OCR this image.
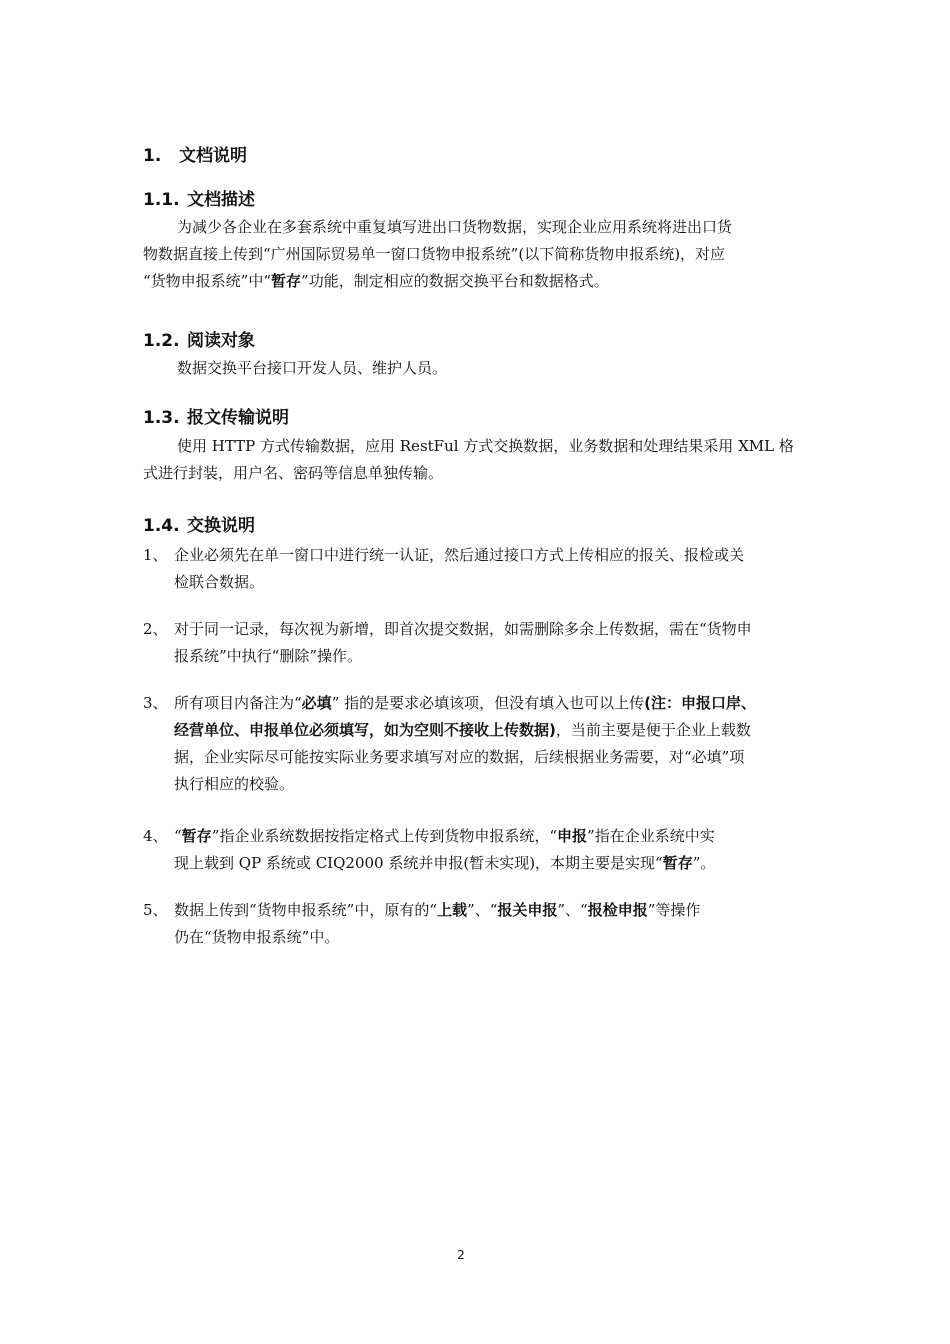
1. 文档说明
1.1. 文档描述
为减少各企业在多套系统中重复填写进出口货物数据，实现企业应用系统将进出口货
物数据直接上传到“广州国际贸易单一窗口货物申报系统”(以下简称货物申报系统)，对应
“货物申报系统”中“暂存”功能，制定相应的数据交换平台和数据格式。
1.2. 阅读对象
数据交换平台接口开发人员、维护人员。
1.3. 报文传输说明
使用 HTTP 方式传输数据，应用 RestFul 方式交换数据，业务数据和处理结果采用 XML 格
式进行封装，用户名、密码等信息单独传输。
1.4. 交换说明
1、 企业必须先在单一窗口中进行统一认证，然后通过接口方式上传相应的报关、报检或关
检联合数据。
2、 对于同一记录，每次视为新增，即首次提交数据，如需删除多余上传数据，需在“货物申
报系统”中执行“删除”操作。
3、 所有项目内备注为“必填” 指的是要求必填该项，但没有填入也可以上传(注：申报口岸、
经营单位、申报单位必须填写，如为空则不接收上传数据)，当前主要是便于企业上载数
据，企业实际尽可能按实际业务要求填写对应的数据，后续根据业务需要，对“必填”项
执行相应的校验。
4、 “暂存”指企业系统数据按指定格式上传到货物申报系统，“申报”指在企业系统中实
现上载到 QP 系统或 CIQ2000 系统并申报(暂未实现)，本期主要是实现“暂存”。
5、 数据上传到“货物申报系统”中，原有的“上载”、“报关申报”、“报检申报”等操作
仍在“货物申报系统”中。
2
